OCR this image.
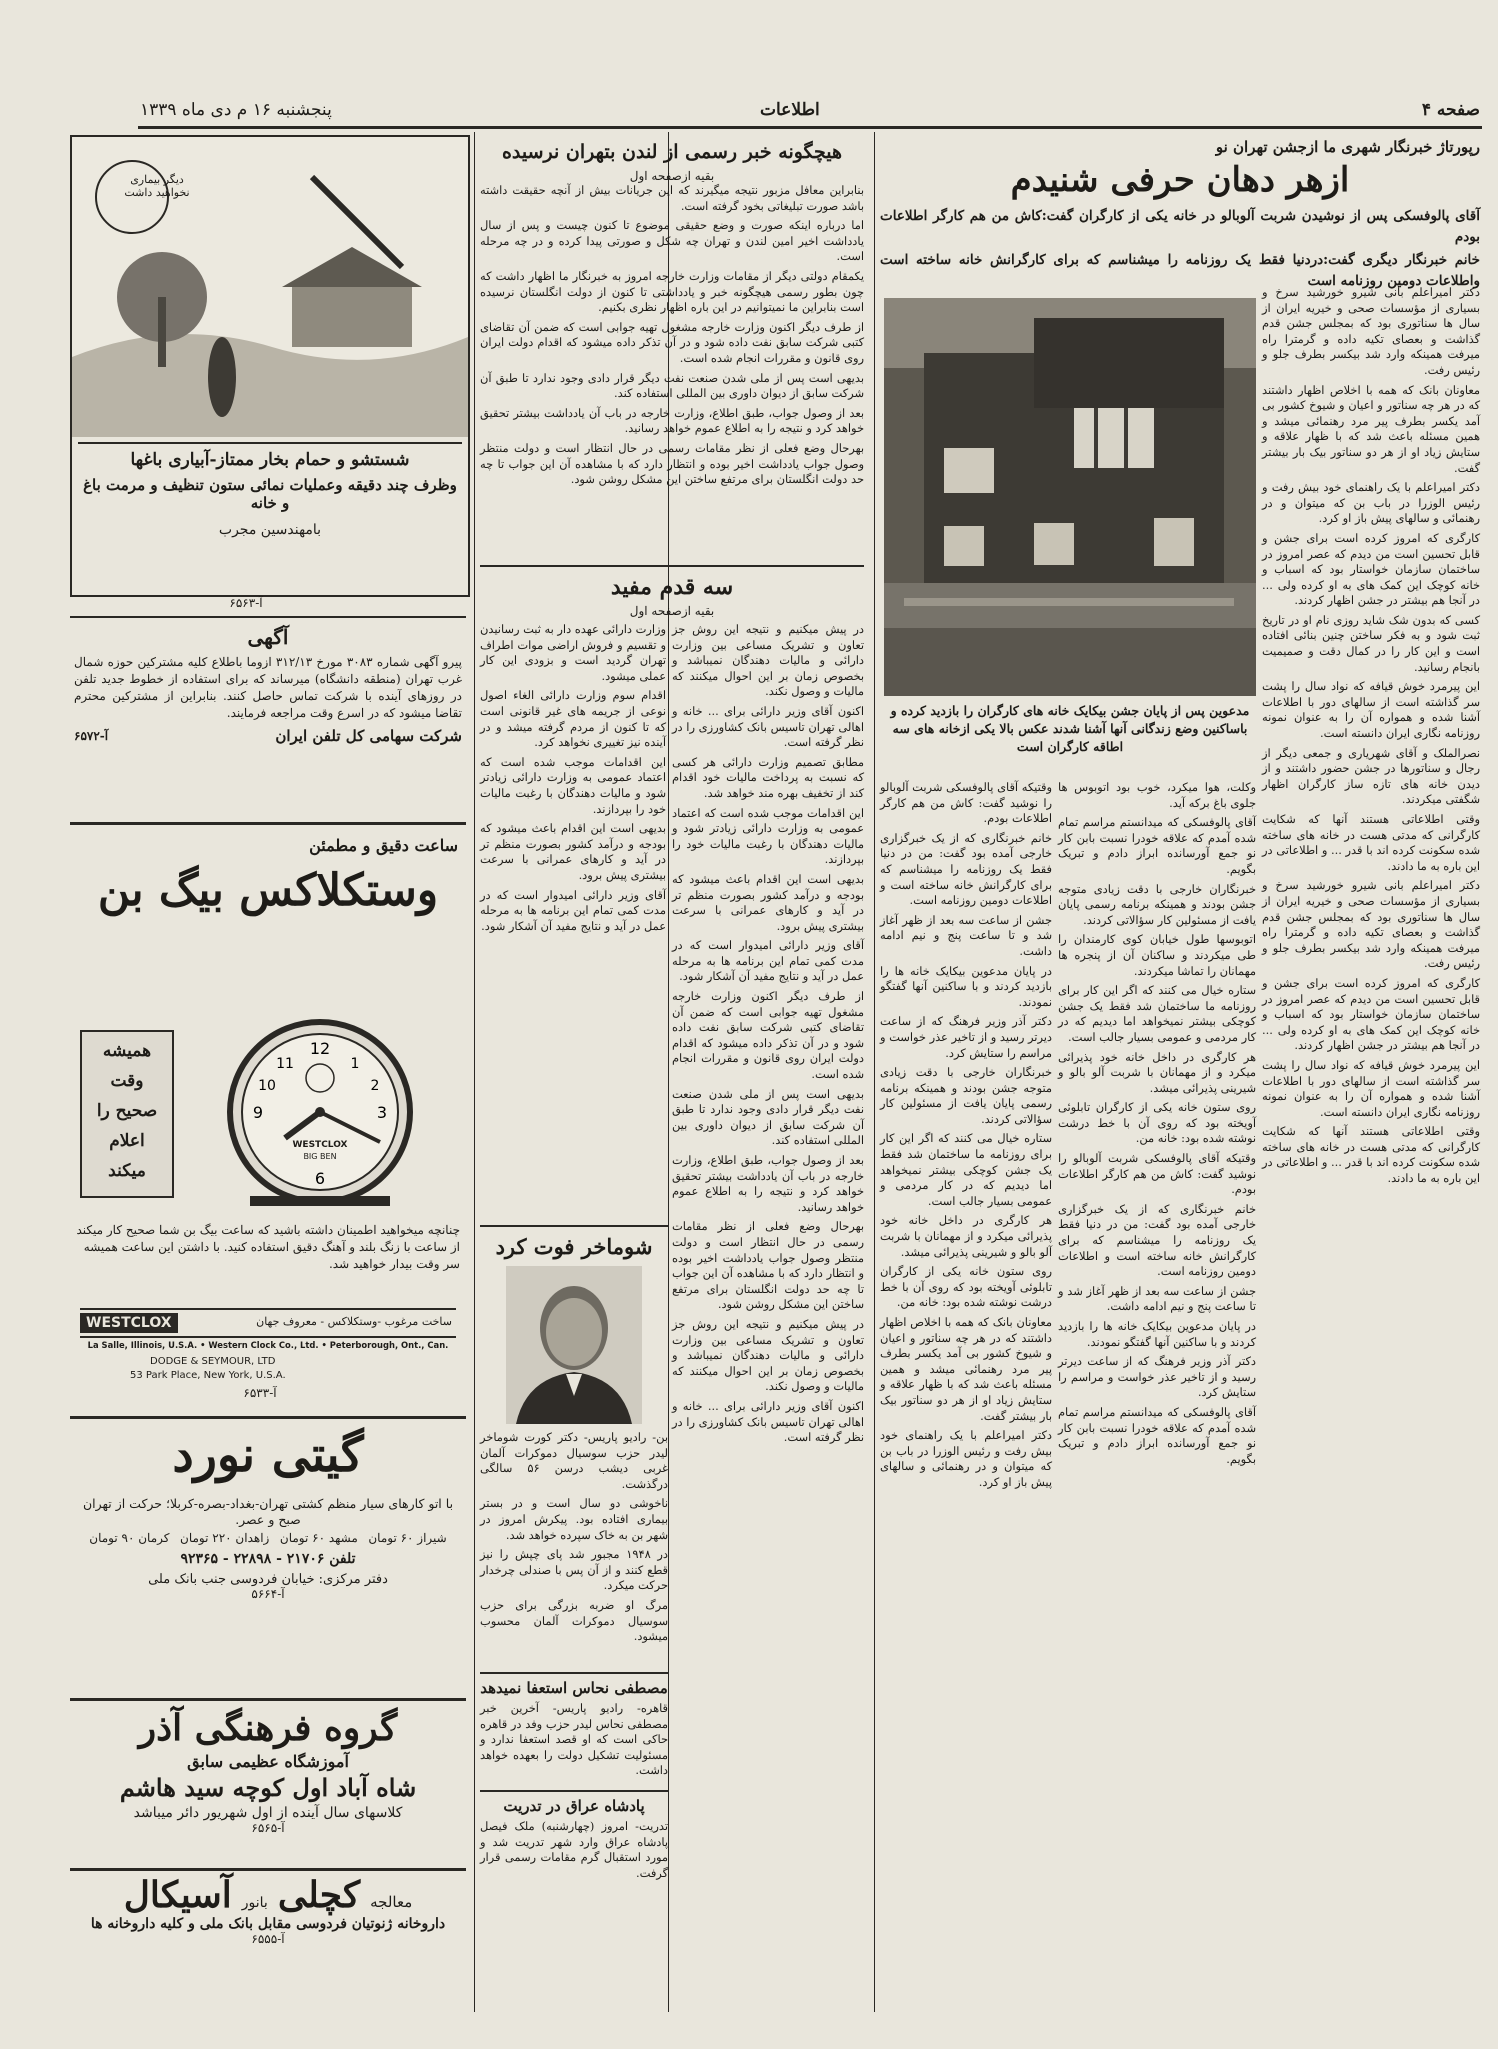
صفحه ۴
اطلاعات
پنجشنبه ۱۶ م دی ماه ۱۳۳۹
رپورتاژ خبرنگار شهری ما ازجشن تهران نو
ازهر دهان حرفی شنیدم
آقای پالوفسکی پس از نوشیدن شربت آلوبالو در خانه یکی از کارگران گفت:کاش من هم کارگر اطلاعات بودم
خانم خبرنگار دیگری گفت:دردنیا فقط یک روزنامه را میشناسم که برای کارگرانش خانه ساخته است واطلاعات دومین روزنامه است

دکتر امیراعلم بانی شیرو خورشید سرخ و بسیاری از مؤسسات صحی و خیریه ایران از سال ها سناتوری بود که بمجلس جشن قدم گذاشت و بعصای تکیه داده و گرمترا راه میرفت همینکه وارد شد بیکسر بطرف جلو و رئیس رفت.

معاونان بانک که همه با اخلاص اظهار داشتند که در هر چه سناتور و اعیان و شیوخ کشور بی آمد یکسر بطرف پیر مرد رهنمائی میشد و همین مسئله باعث شد که با ظهار علاقه و ستایش زیاد او از هر دو سناتور بیک بار بیشتر گفت.

دکتر امیراعلم با یک راهنمای خود بیش رفت و رئیس الوزرا در باب بن که میتوان و در رهنمائی و سالهای پیش باز او کرد.

کارگری که امروز کرده است برای جشن و قابل تحسین است من دیدم که عصر امروز در ساختمان سازمان خواستار بود که اسباب و خانه کوچک این کمک های به او کرده ولی ... در آنجا هم بیشتر در جشن اظهار کردند.

کسی که بدون شک شاید روزی نام او در تاریخ ثبت شود و به فکر ساختن چنین بنائی افتاده است و این کار را در کمال دقت و صمیمیت بانجام رسانید.

این پیرمرد خوش قیافه که نواد سال را پشت سر گذاشته است از سالهای دور با اطلاعات آشنا شده و همواره آن را به عنوان نمونه روزنامه نگاری ایران دانسته است.

نصرالملک و آقای شهریاری و جمعی دیگر از رجال و سناتورها در جشن حضور داشتند و از دیدن خانه های تازه ساز کارگران اظهار شگفتی میکردند.

وقتی اطلاعاتی هستند آنها که شکایت کارگرانی که مدتی هست در خانه های ساخته شده سکونت کرده اند با قدر ... و اطلاعاتی در این باره به ما دادند.

دکتر امیراعلم بانی شیرو خورشید سرخ و بسیاری از مؤسسات صحی و خیریه ایران از سال ها سناتوری بود که بمجلس جشن قدم گذاشت و بعصای تکیه داده و گرمترا راه میرفت همینکه وارد شد بیکسر بطرف جلو و رئیس رفت.

کارگری که امروز کرده است برای جشن و قابل تحسین است من دیدم که عصر امروز در ساختمان سازمان خواستار بود که اسباب و خانه کوچک این کمک های به او کرده ولی ... در آنجا هم بیشتر در جشن اظهار کردند.

این پیرمرد خوش قیافه که نواد سال را پشت سر گذاشته است از سالهای دور با اطلاعات آشنا شده و همواره آن را به عنوان نمونه روزنامه نگاری ایران دانسته است.

وقتی اطلاعاتی هستند آنها که شکایت کارگرانی که مدتی هست در خانه های ساخته شده سکونت کرده اند با قدر ... و اطلاعاتی در این باره به ما دادند.

مدعوین پس از پایان جشن بیکایک خانه های کارگران را بازدید کرده و باساکنین وضع زندگانی آنها آشنا شدند عکس بالا یکی ازخانه های سه اطاقه کارگران است

وکلت، هوا میکرد، خوب بود اتوبوس ها جلوی باغ برکه آید.

آقای پالوفسکی که میدانستم مراسم تمام شده آمدم که علاقه خودرا نسبت بابن کار نو جمع آورسانده ابراز دادم و تبریک بگویم.

خبرنگاران خارجی با دقت زیادی متوجه جشن بودند و همینکه برنامه رسمی پایان یافت از مسئولین کار سؤالاتی کردند.

اتوبوسها طول خیابان کوی کارمندان را طی میکردند و ساکنان آن از پنجره ها مهمانان را تماشا میکردند.

ستاره خیال می کنند که اگر این کار برای روزنامه ما ساختمان شد فقط یک جشن کوچکی بیشتر نمیخواهد اما دیدیم که در کار مردمی و عمومی بسیار جالب است.

هر کارگری در داخل خانه خود پذیرائی میکرد و از مهمانان با شربت آلو بالو و شیرینی پذیرائی میشد.

روی ستون خانه یکی از کارگران تابلوئی آویخته بود که روی آن با خط درشت نوشته شده بود: خانه من.

وقتیکه آقای پالوفسکی شربت آلوبالو را نوشید گفت: کاش من هم کارگر اطلاعات بودم.

خانم خبرنگاری که از یک خبرگزاری خارجی آمده بود گفت: من در دنیا فقط یک روزنامه را میشناسم که برای کارگرانش خانه ساخته است و اطلاعات دومین روزنامه است.

جشن از ساعت سه بعد از ظهر آغاز شد و تا ساعت پنج و نیم ادامه داشت.

در پایان مدعوین بیکایک خانه ها را بازدید کردند و با ساکنین آنها گفتگو نمودند.

دکتر آذر وزیر فرهنگ که از ساعت دیرتر رسید و از تاخیر عذر خواست و مراسم را ستایش کرد.

آقای پالوفسکی که میدانستم مراسم تمام شده آمدم که علاقه خودرا نسبت بابن کار نو جمع آورسانده ابراز دادم و تبریک بگویم.

وقتیکه آقای پالوفسکی شربت آلوبالو را نوشید گفت: کاش من هم کارگر اطلاعات بودم.

خانم خبرنگاری که از یک خبرگزاری خارجی آمده بود گفت: من در دنیا فقط یک روزنامه را میشناسم که برای کارگرانش خانه ساخته است و اطلاعات دومین روزنامه است.

جشن از ساعت سه بعد از ظهر آغاز شد و تا ساعت پنج و نیم ادامه داشت.

در پایان مدعوین بیکایک خانه ها را بازدید کردند و با ساکنین آنها گفتگو نمودند.

دکتر آذر وزیر فرهنگ که از ساعت دیرتر رسید و از تاخیر عذر خواست و مراسم را ستایش کرد.

خبرنگاران خارجی با دقت زیادی متوجه جشن بودند و همینکه برنامه رسمی پایان یافت از مسئولین کار سؤالاتی کردند.

ستاره خیال می کنند که اگر این کار برای روزنامه ما ساختمان شد فقط یک جشن کوچکی بیشتر نمیخواهد اما دیدیم که در کار مردمی و عمومی بسیار جالب است.

هر کارگری در داخل خانه خود پذیرائی میکرد و از مهمانان با شربت آلو بالو و شیرینی پذیرائی میشد.

روی ستون خانه یکی از کارگران تابلوئی آویخته بود که روی آن با خط درشت نوشته شده بود: خانه من.

معاونان بانک که همه با اخلاص اظهار داشتند که در هر چه سناتور و اعیان و شیوخ کشور بی آمد یکسر بطرف پیر مرد رهنمائی میشد و همین مسئله باعث شد که با ظهار علاقه و ستایش زیاد او از هر دو سناتور بیک بار بیشتر گفت.

دکتر امیراعلم با یک راهنمای خود بیش رفت و رئیس الوزرا در باب بن که میتوان و در رهنمائی و سالهای پیش باز او کرد.

هیچگونه خبر رسمی از لندن بتهران نرسیده
بقیه ازصفحه اول

بنابراین معافل مزبور نتیجه میگیرند که این جریانات بیش از آنچه حقیقت داشته باشد صورت تبلیغاتی بخود گرفته است.

اما درباره اینکه صورت و وضع حقیقی موضوع تا کنون چیست و پس از سال یادداشت اخیر امین لندن و تهران چه شکل و صورتی پیدا کرده و در چه مرحله است.

یکمقام دولتی دیگر از مقامات وزارت خارجه امروز به خبرنگار ما اظهار داشت که چون بطور رسمی هیچگونه خبر و یادداشتی تا کنون از دولت انگلستان نرسیده است بنابراین ما نمیتوانیم در این باره اظهار نظری بکنیم.

از طرف دیگر اکنون وزارت خارجه مشغول تهیه جوابی است که ضمن آن تقاضای کتبی شرکت سابق نفت داده شود و در آن تذکر داده میشود که اقدام دولت ایران روی قانون و مقررات انجام شده است.

بدیهی است پس از ملی شدن صنعت نفت دیگر قرار دادی وجود ندارد تا طبق آن شرکت سابق از دیوان داوری بین المللی استفاده کند.

بعد از وصول جواب، طبق اطلاع، وزارت خارجه در باب آن یادداشت بیشتر تحقیق خواهد کرد و نتیجه را به اطلاع عموم خواهد رسانید.

بهرحال وضع فعلی از نظر مقامات رسمی در حال انتظار است و دولت منتظر وصول جواب یادداشت اخیر بوده و انتظار دارد که با مشاهده آن این جواب تا چه حد دولت انگلستان برای مرتفع ساختن این مشکل روشن شود.

سه قدم مفید
بقیه ازصفحه اول

در پیش میکنیم و نتیجه این روش جز تعاون و تشریک مساعی بین وزارت دارائی و مالیات دهندگان نمیباشد و بخصوص زمان بر این احوال میکنند که مالیات و وصول نکند.

اکنون آقای وزیر دارائی برای ... خانه و اهالی تهران تاسیس بانک کشاورزی را در نظر گرفته است.

مطابق تصمیم وزارت دارائی هر کسی که نسبت به پرداخت مالیات خود اقدام کند از تخفیف بهره مند خواهد شد.

این اقدامات موجب شده است که اعتماد عمومی به وزارت دارائی زیادتر شود و مالیات دهندگان با رغبت مالیات خود را بپردازند.

بدیهی است این اقدام باعث میشود که بودجه و درآمد کشور بصورت منظم تر در آید و کارهای عمرانی با سرعت بیشتری پیش برود.

آقای وزیر دارائی امیدوار است که در مدت کمی تمام این برنامه ها به مرحله عمل در آید و نتایج مفید آن آشکار شود.

از طرف دیگر اکنون وزارت خارجه مشغول تهیه جوابی است که ضمن آن تقاضای کتبی شرکت سابق نفت داده شود و در آن تذکر داده میشود که اقدام دولت ایران روی قانون و مقررات انجام شده است.

بدیهی است پس از ملی شدن صنعت نفت دیگر قرار دادی وجود ندارد تا طبق آن شرکت سابق از دیوان داوری بین المللی استفاده کند.

بعد از وصول جواب، طبق اطلاع، وزارت خارجه در باب آن یادداشت بیشتر تحقیق خواهد کرد و نتیجه را به اطلاع عموم خواهد رسانید.

بهرحال وضع فعلی از نظر مقامات رسمی در حال انتظار است و دولت منتظر وصول جواب یادداشت اخیر بوده و انتظار دارد که با مشاهده آن این جواب تا چه حد دولت انگلستان برای مرتفع ساختن این مشکل روشن شود.

در پیش میکنیم و نتیجه این روش جز تعاون و تشریک مساعی بین وزارت دارائی و مالیات دهندگان نمیباشد و بخصوص زمان بر این احوال میکنند که مالیات و وصول نکند.

اکنون آقای وزیر دارائی برای ... خانه و اهالی تهران تاسیس بانک کشاورزی را در نظر گرفته است.

وزارت دارائی عهده دار به ثبت رسانیدن و تقسیم و فروش اراضی موات اطراف تهران گردید است و بزودی این کار عملی میشود.

اقدام سوم وزارت دارائی الغاء اصول نوعی از جریمه های غیر قانونی است که تا کنون از مردم گرفته میشد و در آینده نیز تغییری نخواهد کرد.

این اقدامات موجب شده است که اعتماد عمومی به وزارت دارائی زیادتر شود و مالیات دهندگان با رغبت مالیات خود را بپردازند.

بدیهی است این اقدام باعث میشود که بودجه و درآمد کشور بصورت منظم تر در آید و کارهای عمرانی با سرعت بیشتری پیش برود.

آقای وزیر دارائی امیدوار است که در مدت کمی تمام این برنامه ها به مرحله عمل در آید و نتایج مفید آن آشکار شود.

شوماخر فوت کرد

بن- رادیو پاریس- دکتر کورت شوماخر لیدر حزب سوسیال دموکرات آلمان غربی دیشب درسن ۵۶ سالگی درگذشت.

ناخوشی دو سال است و در بستر بیماری افتاده بود. پیکرش امروز در شهر بن به خاک سپرده خواهد شد.

در ۱۹۴۸ مجبور شد پای چپش را نیز قطع کنند و از آن پس با صندلی چرخدار حرکت میکرد.

مرگ او ضربه بزرگی برای حزب سوسیال دموکرات آلمان محسوب میشود.

مصطفی نحاس استعفا نمیدهد

قاهره- رادیو پاریس- آخرین خبر مصطفی نحاس لیدر حزب وفد در قاهره حاکی است که او قصد استعفا ندارد و مسئولیت تشکیل دولت را بعهده خواهد داشت.

پادشاه عراق در تدریت

تدریت- امروز (چهارشنبه) ملک فیصل پادشاه عراق وارد شهر تدریت شد و مورد استقبال گرم مقامات رسمی قرار گرفت.

دیگر بیماری نخواهید داشت
شستشو و حمام بخار ممتاز-آبیاری باغها
وظرف چند دقیقه وعملیات نمائی ستون تنظیف و مرمت باغ و خانه
بامهندسین مجرب
آ-۶۵۶۳
آگهی

پیرو آگهی شماره ۳۰۸۳ مورخ ۳۱۲/۱۳ ازوما باطلاع کلیه مشترکین حوزه شمال غرب تهران (منطقه دانشگاه) میرساند که برای استفاده از خطوط جدید تلفن در روزهای آینده با شرکت تماس حاصل کنند. بنابراین از مشترکین محترم تقاضا میشود که در اسرع وقت مراجعه فرمایند.

شرکت سهامی کل تلفن ایران
آ-۶۵۷۲
ساعت دقیق و مطمئن
وستکلاکس بیگ بن
همیشه
وقت
صحیح را
اعلام
میکند
12
3
6
9
1
2
11
10
WESTCLOX
BIG BEN
چنانچه میخواهید اطمینان داشته باشید که ساعت بیگ بن شما صحیح کار میکند از ساعت با زنگ بلند و آهنگ دقیق استفاده کنید. با داشتن این ساعت همیشه سر وقت بیدار خواهید شد.
WESTCLOX	ساخت مرغوب -وستکلاکس - معروف جهان
La Salle, Illinois, U.S.A. • Western Clock Co., Ltd. • Peterborough, Ont., Can.
DODGE & SEYMOUR, LTD
53 Park Place, New York, U.S.A.
آ-۶۵۳۳
گیتی نورد

با اتو کارهای سیار منظم کشتی تهران-بغداد-بصره-کربلا؛ حرکت از تهران صبح و عصر.

شیراز ۶۰ تومان
مشهد ۶۰ تومان
زاهدان ۲۲۰ تومان
کرمان ۹۰ تومان
تلفن ۲۱۷۰۶ - ۲۲۸۹۸ - ۹۲۳۶۵
دفتر مرکزی: خیابان فردوسی جنب بانک ملی
آ-۵۶۶۴
گروه فرهنگی آذر
آموزشگاه عظیمی سابق
شاه آباد اول کوچه سید هاشم
کلاسهای سال آینده از اول شهریور دائر میباشد
آ-۶۵۶۵
معالجه
کچلی
بانور
آسیکال
داروخانه ژنوتیان فردوسی مقابل بانک ملی و کلیه داروخانه ها
آ-۶۵۵۵
